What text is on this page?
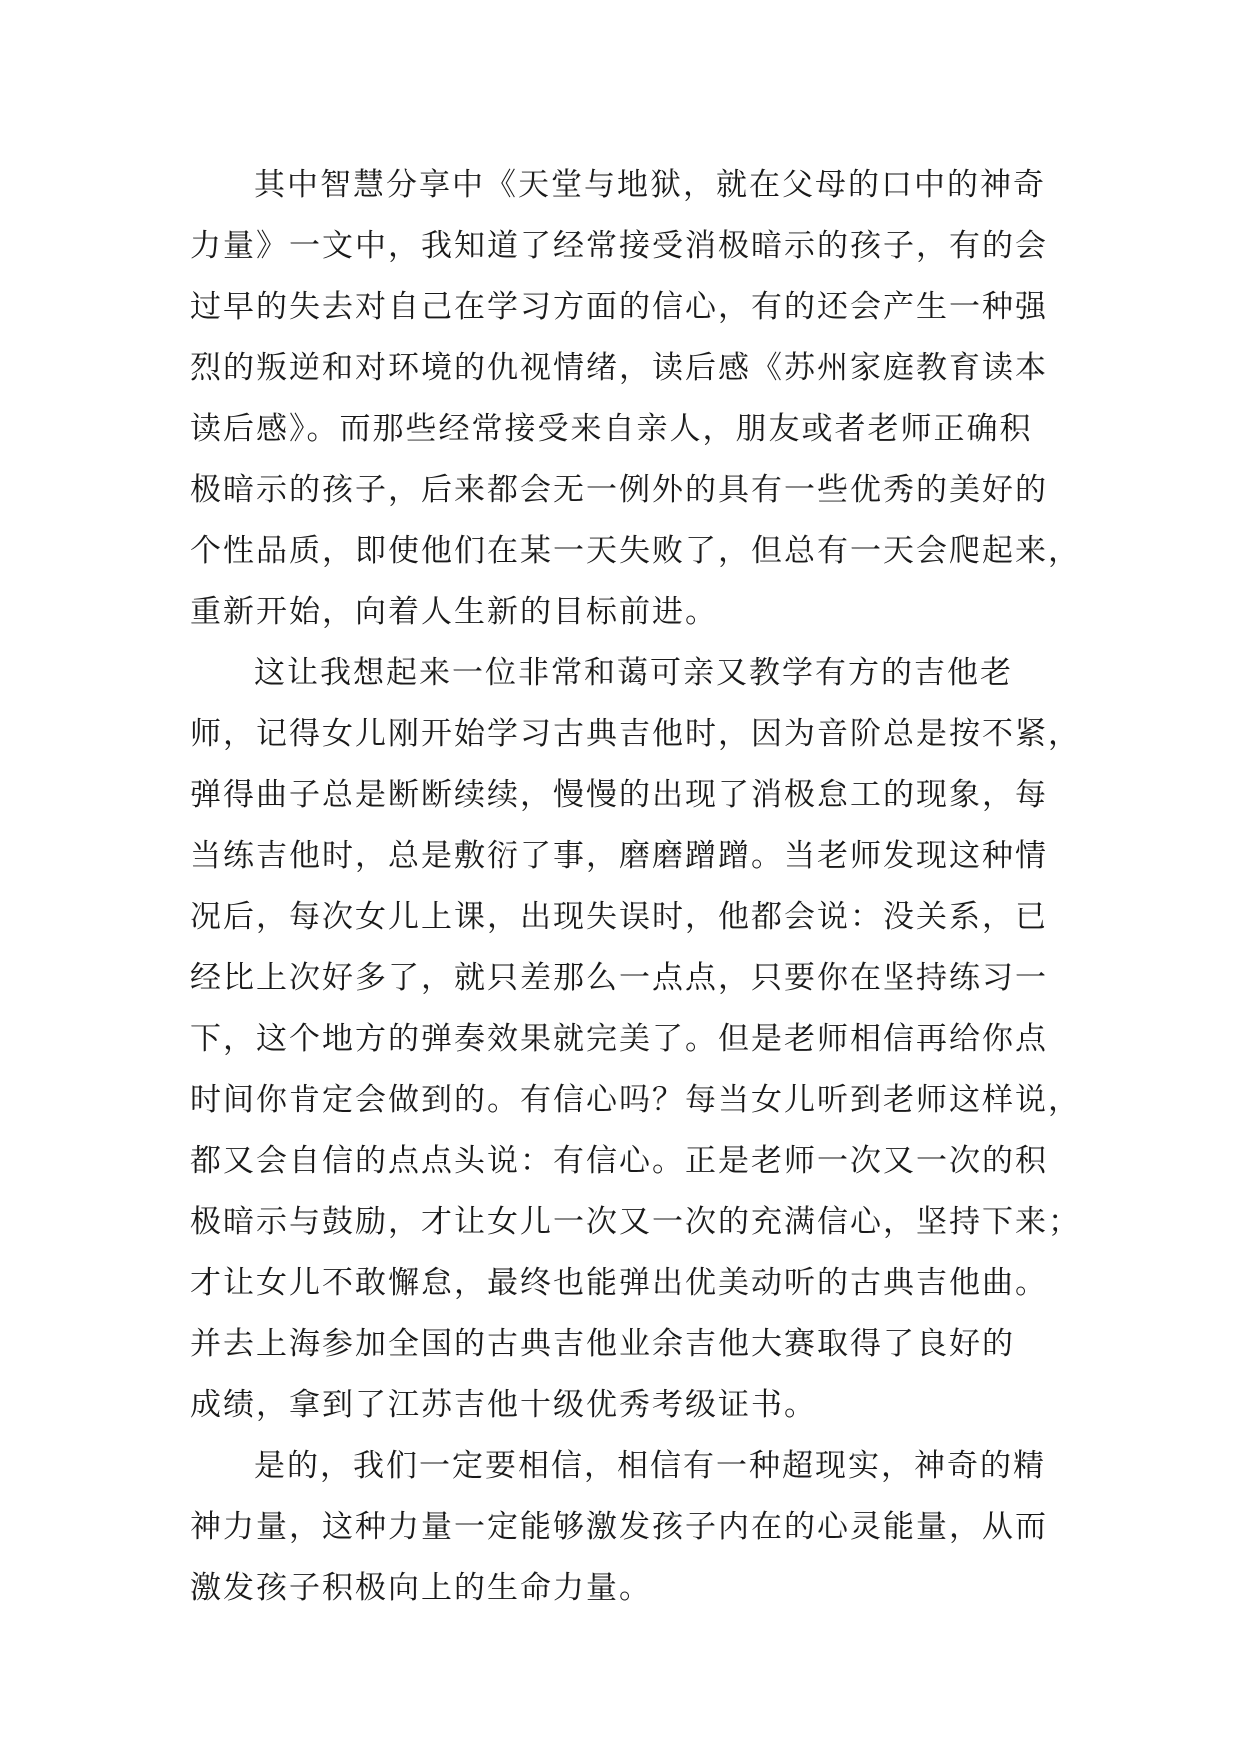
其中智慧分享中《天堂与地狱，就在父母的口中的神奇
力量》一文中，我知道了经常接受消极暗示的孩子，有的会
过早的失去对自己在学习方面的信心，有的还会产生一种强
烈的叛逆和对环境的仇视情绪，读后感《苏州家庭教育读本
读后感》。而那些经常接受来自亲人，朋友或者老师正确积
极暗示的孩子，后来都会无一例外的具有一些优秀的美好的
个性品质，即使他们在某一天失败了，但总有一天会爬起来，
重新开始，向着人生新的目标前进。
这让我想起来一位非常和蔼可亲又教学有方的吉他老
师，记得女儿刚开始学习古典吉他时，因为音阶总是按不紧，
弹得曲子总是断断续续，慢慢的出现了消极怠工的现象，每
当练吉他时，总是敷衍了事，磨磨蹭蹭。当老师发现这种情
况后，每次女儿上课，出现失误时，他都会说：没关系，已
经比上次好多了，就只差那么一点点，只要你在坚持练习一
下，这个地方的弹奏效果就完美了。但是老师相信再给你点
时间你肯定会做到的。有信心吗？每当女儿听到老师这样说，
都又会自信的点点头说：有信心。正是老师一次又一次的积
极暗示与鼓励，才让女儿一次又一次的充满信心，坚持下来；
才让女儿不敢懈怠，最终也能弹出优美动听的古典吉他曲。
并去上海参加全国的古典吉他业余吉他大赛取得了良好的
成绩，拿到了江苏吉他十级优秀考级证书。
是的，我们一定要相信，相信有一种超现实，神奇的精
神力量，这种力量一定能够激发孩子内在的心灵能量，从而
激发孩子积极向上的生命力量。
